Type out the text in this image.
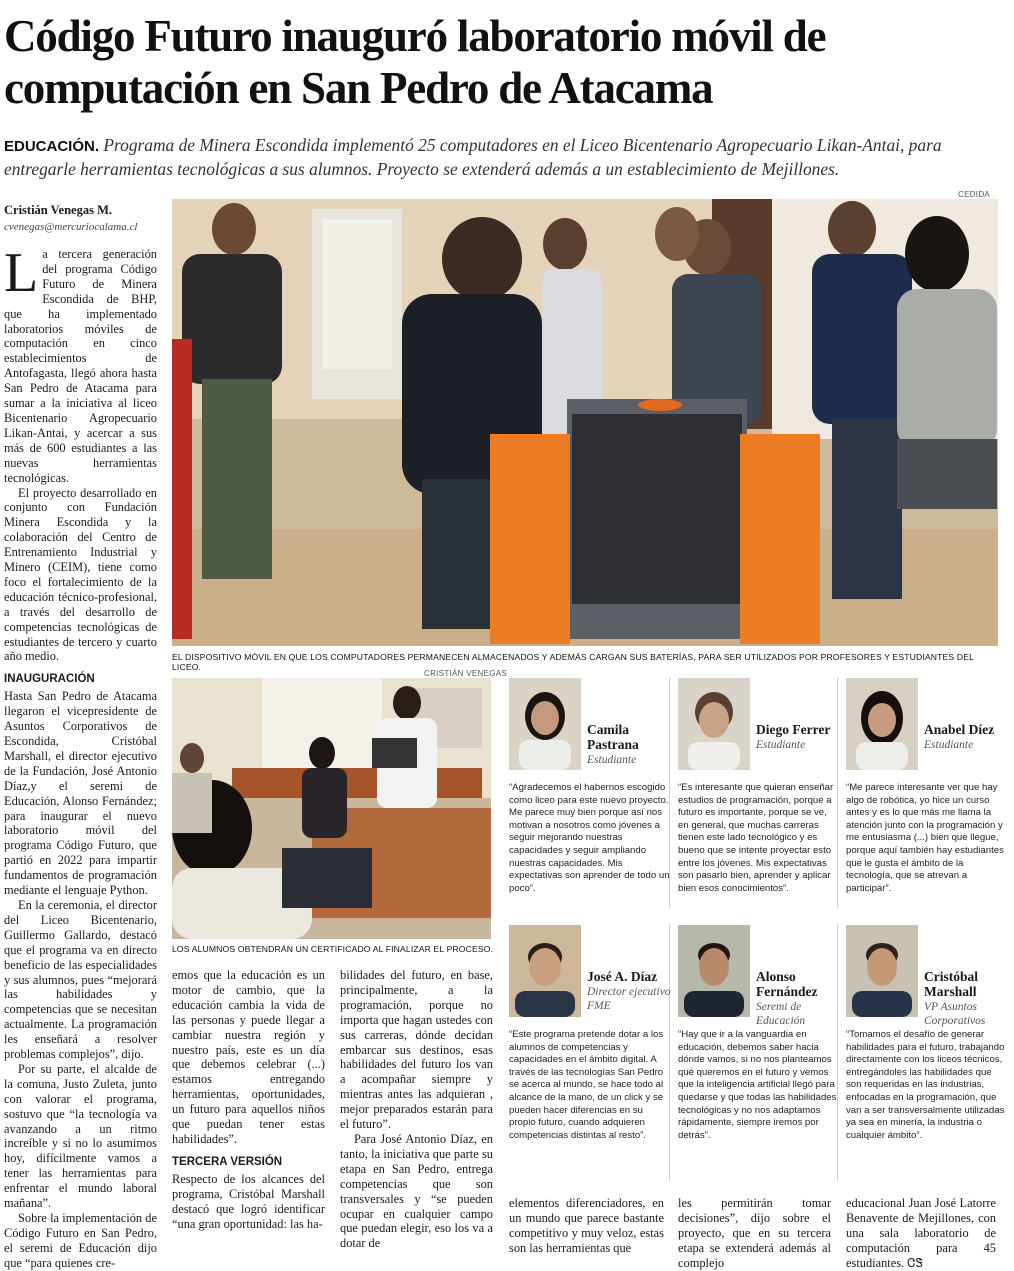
Código Futuro inauguró laboratorio móvil de computación en San Pedro de Atacama
EDUCACIÓN. Programa de Minera Escondida implementó 25 computadores en el Liceo Bicentenario Agropecuario Likan-Antai, para entregarle herramientas tecnológicas a sus alumnos. Proyecto se extenderá además a un establecimiento de Mejillones.
Cristián Venegas M.
cvenegas@mercuriocalama.cl
CEDIDA
EL DISPOSITIVO MÓVIL EN QUE LOS COMPUTADORES PERMANECEN ALMACENADOS Y ADEMÁS CARGAN SUS BATERÍAS, PARA SER UTILIZADOS POR PROFESORES Y ESTUDIANTES DEL LICEO.
CRISTIÁN VENEGAS
LOS ALUMNOS OBTENDRÁN UN CERTIFICADO AL FINALIZAR EL PROCESO.

La tercera generación del programa Código Futuro de Minera Escondida de BHP, que ha implementado laboratorios móviles de computación en cinco establecimientos de Antofagasta, llegó ahora hasta San Pedro de Atacama para sumar a la iniciativa al liceo Bicentenario Agropecuario Likan-Antai, y acercar a sus más de 600 estudiantes a las nuevas herramientas tecnológicas.

El proyecto desarrollado en conjunto con Fundación Minera Escondida y la colaboración del Centro de Entrenamiento Industrial y Minero (CEIM), tiene como foco el fortalecimiento de la educación técnico-profesional, a través del desarrollo de competencias tecnológicas de estudiantes de tercero y cuarto año medio.

INAUGURACIÓN

Hasta San Pedro de Atacama llegaron el vicepresidente de Asuntos Corporativos de Escondida, Cristóbal Marshall, el director ejecutivo de la Fundación, José Antonio Díaz,y el seremi de Educación, Alonso Fernández; para inaugurar el nuevo laboratorio móvil del programa Código Futuro, que partió en 2022 para impartir fundamentos de programación mediante el lenguaje Python.

En la ceremonia, el director del Liceo Bicentenario, Guillermo Gallardo, destacó que el programa va en directo beneficio de las especialidades y sus alumnos, pues “mejorará las habilidades y competencias que se necesitan actualmente. La programación les enseñará a resolver problemas complejos”, dijo.

Por su parte, el alcalde de la comuna, Justo Zuleta, junto con valorar el programa, sostuvo que “la tecnología va avanzando a un ritmo increíble y si no lo asumimos hoy, difícilmente vamos a tener las herramientas para enfrentar el mundo laboral mañana”.

Sobre la implementación de Código Futuro en San Pedro, el seremi de Educación dijo que “para quienes cre-

emos que la educación es un motor de cambio, que la educación cambia la vida de las personas y puede llegar a cambiar nuestra región y nuestro país, este es un día que debemos celebrar (...) estamos entregando herramientas, oportunidades, un futuro para aquellos niños que puedan tener estas habilidades”.

TERCERA VERSIÓN

Respecto de los alcances del programa, Cristóbal Marshall destacó que logró identificar “una gran oportunidad: las ha-

bilidades del futuro, en base, principalmente, a la programación, porque no importa que hagan ustedes con sus carreras, dónde decidan embarcar sus destinos, esas habilidades del futuro los van a acompañar siempre y mientras antes las adquieran , mejor preparados estarán para el futuro”.

Para José Antonio Díaz, en tanto, la iniciativa que parte su etapa en San Pedro, entrega competencias que son transversales y “se pueden ocupar en cualquier campo que puedan elegir, eso los va a dotar de

elementos diferenciadores, en un mundo que parece bastante competitivo y muy veloz, estas son las herramientas que

les permitirán tomar decisiones”, dijo sobre el proyecto, que en su tercera etapa se extenderá además al complejo

educacional Juan José Latorre Benavente de Mejillones, con una sala laboratorio de computación para 45 estudiantes. ᏣᏕ

Camila Pastrana
Estudiante
“Agradecemos el habernos escogido como liceo para este nuevo proyecto. Me parece muy bien porque así nos motivan a nosotros como jóvenes a seguir mejorando nuestras capacidades y seguir ampliando nuestras capacidades. Mis expectativas son aprender de todo un poco”.
Diego Ferrer
Estudiante
“Es interesante que quieran enseñar estudios de programación, porque a futuro es importante, porque se ve, en general, que muchas carreras tienen este lado tecnológico y es bueno que se intente proyectar esto entre los jóvenes. Mis expectativas son pasarlo bien, aprender y aplicar bien esos conocimientos”.
Anabel Díez
Estudiante
“Me parece interesante ver que hay algo de robótica, yo hice un curso antes y es lo que más me llama la atención junto con la programación y me entusiasma (...) bien que llegue, porque aquí también hay estudiantes que le gusta el ámbito de la tecnología, que se atrevan a participar”.
José A. Díaz
Director ejecutivo FME
“Este programa pretende dotar a los alumnos de competencias y capacidades en el ámbito digital. A través de las tecnologías San Pedro se acerca al mundo, se hace todo al alcance de la mano, de un click y se pueden hacer diferencias en su propio futuro, cuando adquieren competencias distintas al resto”.
Alonso Fernández
Seremi de Educación
“Hay que ir a la vanguardia en educación, debemos saber hacia dónde vamos, si no nos planteamos qué queremos en el futuro y vemos que la inteligencia artificial llegó para quedarse y que todas las habilidades tecnológicas y no nos adaptamos rápidamente, siempre iremos por detrás”.
Cristóbal Marshall
VP Asuntos Corporativos
“Tomamos el desafío de generar habilidades para el futuro, trabajando directamente con los liceos técnicos, entregándoles las habilidades que son requeridas en las industrias, enfocadas en la programación, que van a ser transversalmente utilizadas ya sea en minería, la industria o cualquier ámbito”.
